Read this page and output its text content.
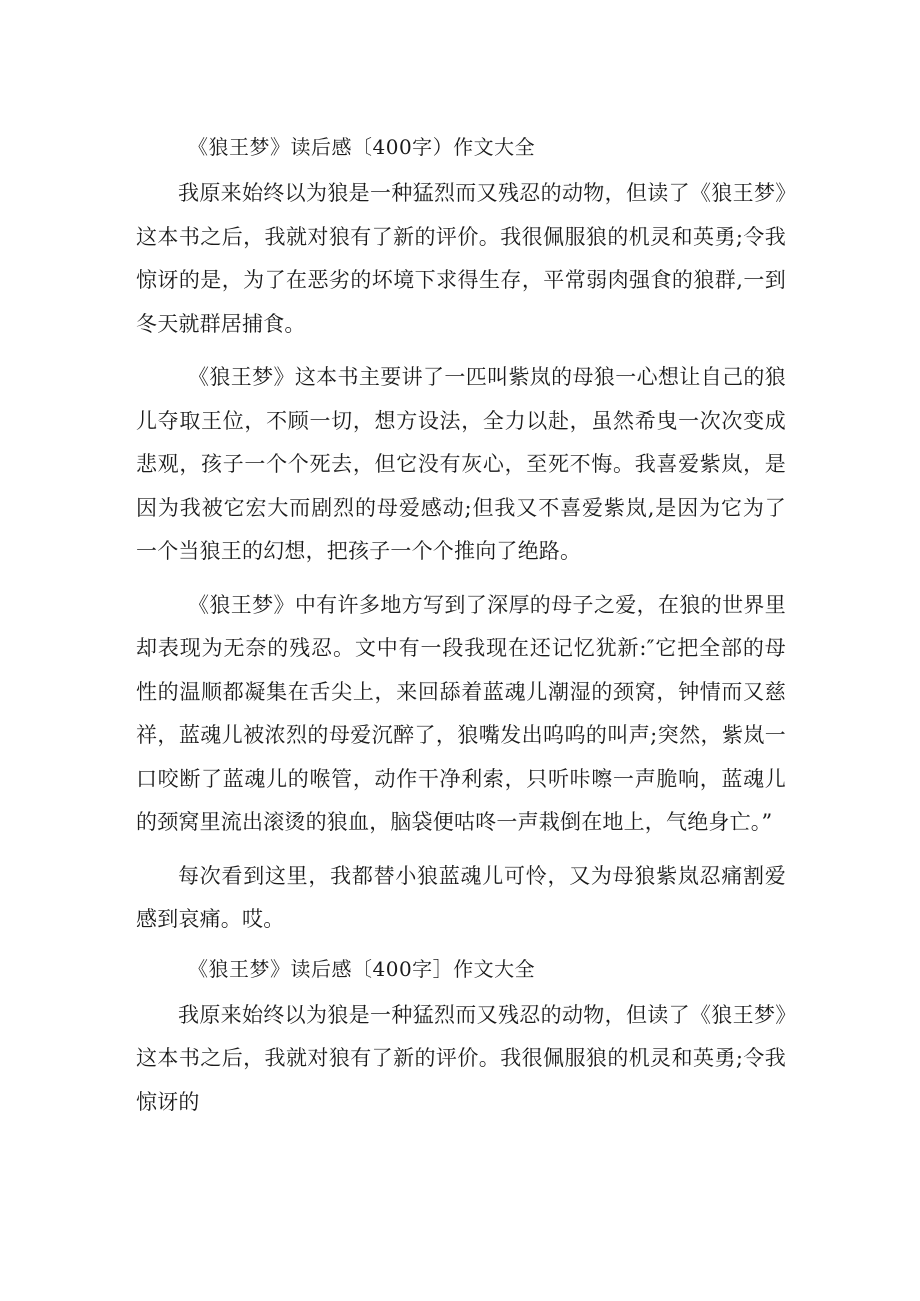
《狼王梦》读后感〔400字）作文大全

我原来始终以为狼是一种猛烈而又残忍的动物，但读了《狼王梦》这本书之后，我就对狼有了新的评价。我很佩服狼的机灵和英勇;令我惊讶的是，为了在恶劣的坏境下求得生存，平常弱肉强食的狼群,一到冬天就群居捕食。

《狼王梦》这本书主要讲了一匹叫紫岚的母狼一心想让自己的狼儿夺取王位，不顾一切，想方设法，全力以赴，虽然希曳一次次变成悲观，孩子一个个死去，但它没有灰心，至死不悔。我喜爱紫岚，是因为我被它宏大而剧烈的母爱感动;但我又不喜爱紫岚,是因为它为了一个当狼王的幻想，把孩子一个个推向了绝路。

《狼王梦》中有许多地方写到了深厚的母子之爱，在狼的世界里却表现为无奈的残忍。文中有一段我现在还记忆犹新:″它把全部的母性的温顺都凝集在舌尖上，来回舔着蓝魂儿潮湿的颈窝，钟情而又慈祥，蓝魂儿被浓烈的母爱沉醉了，狼嘴发出呜呜的叫声;突然，紫岚一口咬断了蓝魂儿的喉管，动作干净利索，只听咔嚓一声脆响，蓝魂儿的颈窝里流出滚烫的狼血，脑袋便咕咚一声栽倒在地上，气绝身亡。”

每次看到这里，我都替小狼蓝魂儿可怜，又为母狼紫岚忍痛割爱感到哀痛。哎。

《狼王梦》读后感〔400字］作文大全

我原来始终以为狼是一种猛烈而又残忍的动物，但读了《狼王梦》这本书之后，我就对狼有了新的评价。我很佩服狼的机灵和英勇;令我惊讶的
